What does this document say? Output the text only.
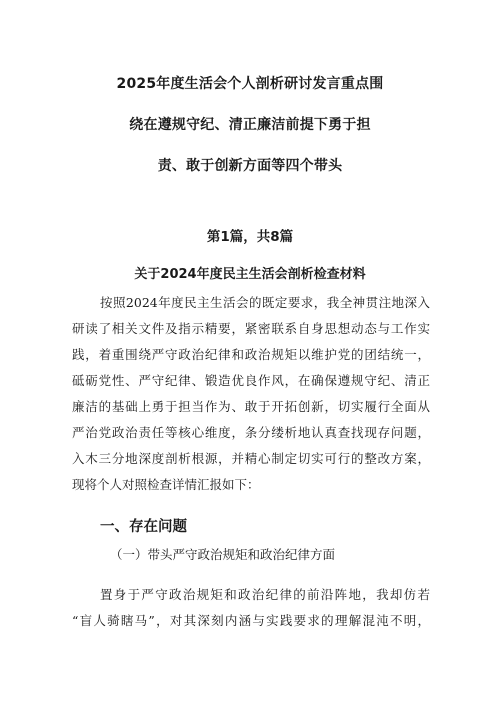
2025年度生活会个人剖析研讨发言重点围
绕在遵规守纪、清正廉洁前提下勇于担
责、敢于创新方面等四个带头
第1篇，共8篇
关于2024年度民主生活会剖析检查材料
按照2024年度民主生活会的既定要求，我全神贯注地深入
研读了相关文件及指示精要，紧密联系自身思想动态与工作实
践，着重围绕严守政治纪律和政治规矩以维护党的团结统一，
砥砺党性、严守纪律、锻造优良作风，在确保遵规守纪、清正
廉洁的基础上勇于担当作为、敢于开拓创新，切实履行全面从
严治党政治责任等核心维度，条分缕析地认真查找现存问题，
入木三分地深度剖析根源，并精心制定切实可行的整改方案，
现将个人对照检查详情汇报如下：
一、存在问题
（一）带头严守政治规矩和政治纪律方面
置身于严守政治规矩和政治纪律的前沿阵地，我却仿若
“盲人骑瞎马”，对其深刻内涵与实践要求的理解混沌不明，
